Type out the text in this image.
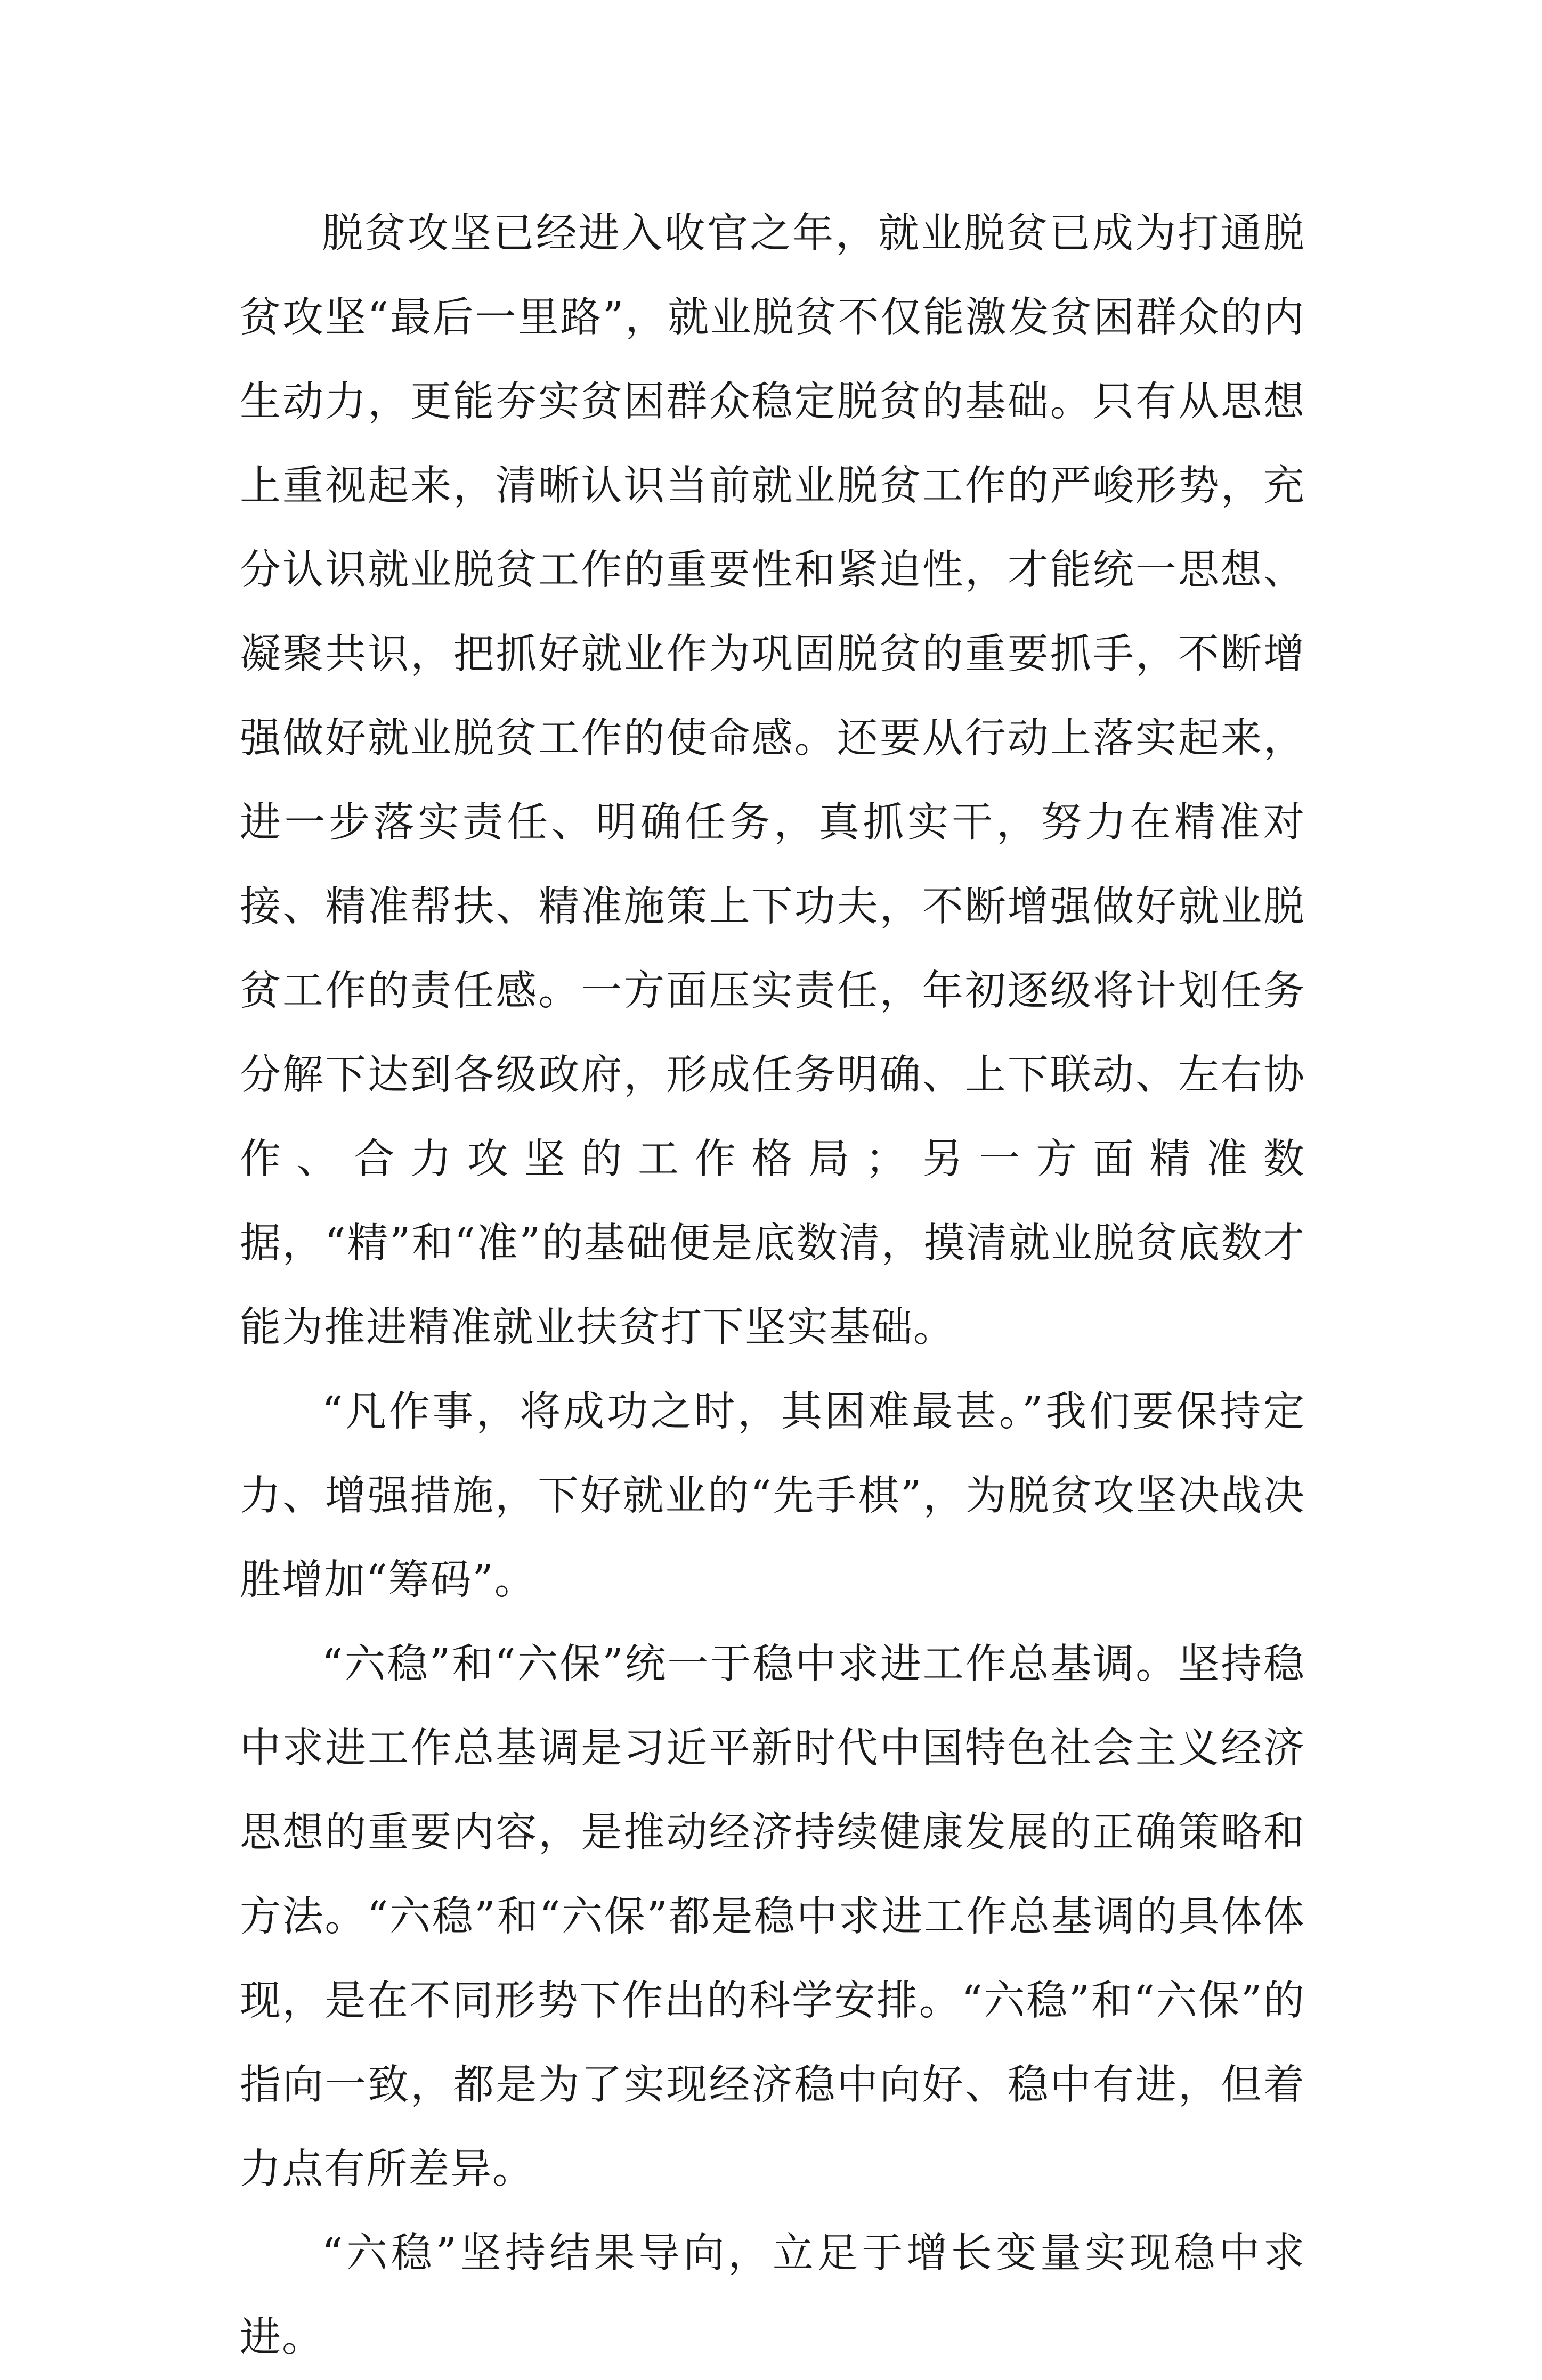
脱贫攻坚已经进入收官之年，就业脱贫已成为打通脱贫攻坚“最后一里路”，就业脱贫不仅能激发贫困群众的内生动力，更能夯实贫困群众稳定脱贫的基础。只有从思想上重视起来，清晰认识当前就业脱贫工作的严峻形势，充分认识就业脱贫工作的重要性和紧迫性，才能统一思想、凝聚共识，把抓好就业作为巩固脱贫的重要抓手，不断增强做好就业脱贫工作的使命感。还要从行动上落实起来，进一步落实责任、明确任务，真抓实干，努力在精准对接、精准帮扶、精准施策上下功夫，不断增强做好就业脱贫工作的责任感。一方面压实责任，年初逐级将计划任务分解下达到各级政府，形成任务明确、上下联动、左右协作、合力攻坚的工作格局；另一方面精准数据，“精”和“准”的基础便是底数清，摸清就业脱贫底数才能为推进精准就业扶贫打下坚实基础。

“凡作事，将成功之时，其困难最甚。”我们要保持定力、增强措施，下好就业的“先手棋”，为脱贫攻坚决战决胜增加“筹码”。

“六稳”和“六保”统一于稳中求进工作总基调。坚持稳中求进工作总基调是习近平新时代中国特色社会主义经济思想的重要内容，是推动经济持续健康发展的正确策略和方法。“六稳”和“六保”都是稳中求进工作总基调的具体体现，是在不同形势下作出的科学安排。“六稳”和“六保”的指向一致，都是为了实现经济稳中向好、稳中有进，但着力点有所差异。

“六稳”坚持结果导向，立足于增长变量实现稳中求进。
